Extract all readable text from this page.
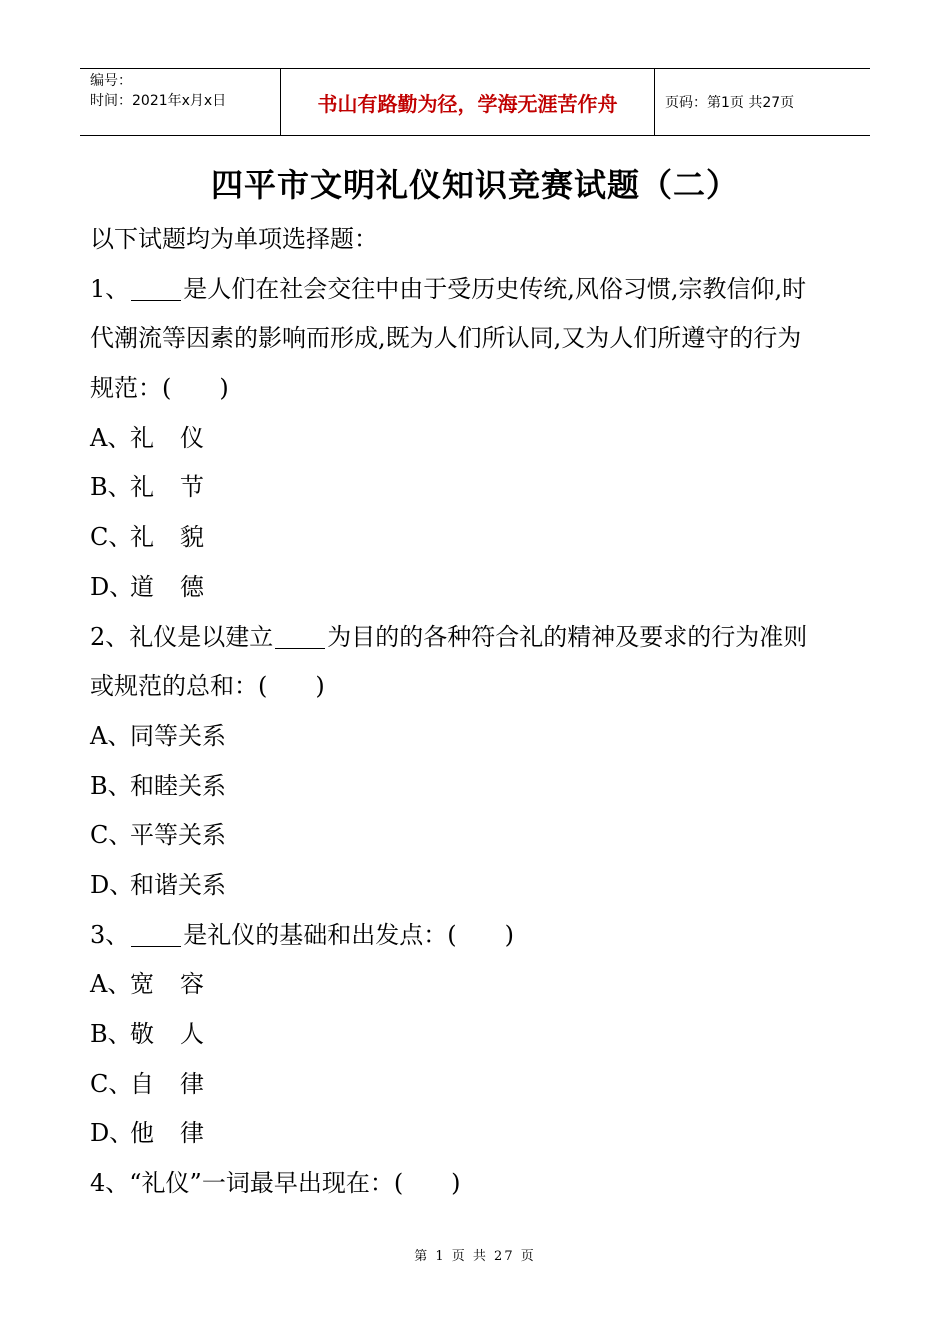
编号：
时间：2021年x月x日	书山有路勤为径，学海无涯苦作舟	页码：第1页 共27页
四平市文明礼仪知识竞赛试题（二）
以下试题均为单项选择题：
1、 是人们在社会交往中由于受历史传统,风俗习惯,宗教信仰,时
代潮流等因素的影响而形成,既为人们所认同,又为人们所遵守的行为
规范：(　　)
A、礼仪
B、礼节
C、礼貌
D、道德
2、礼仪是以建立 为目的的各种符合礼的精神及要求的行为准则
或规范的总和：(　　)
A、同等关系
B、和睦关系
C、平等关系
D、和谐关系
3、 是礼仪的基础和出发点：(　　)
A、宽容
B、敬人
C、自律
D、他律
4、“礼仪”一词最早出现在：(　　)
第 1 页 共 27 页
